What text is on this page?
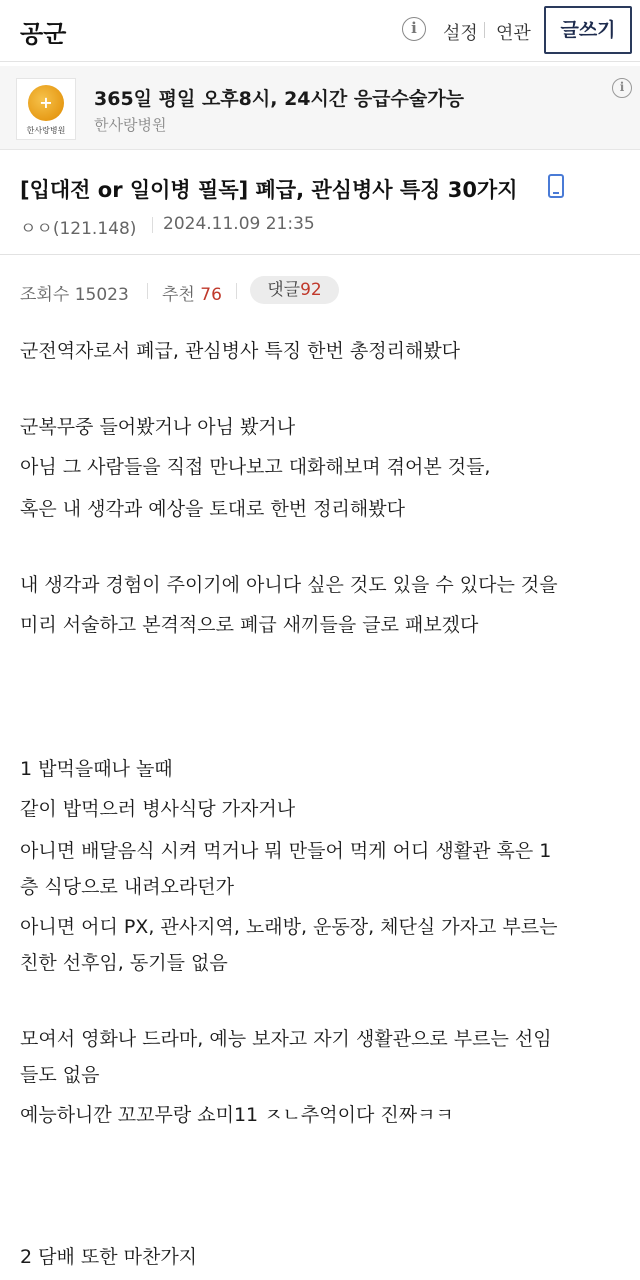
공군	i	설정 연관	글쓰기
+
한사랑병원
365일 평일 오후8시, 24시간 응급수술가능
한사랑병원
i
[입대전 or 일이병 필독] 폐급, 관심병사 특징 30가지
ㅇㅇ(121.148) 2024.11.09 21:35
조회수 15023 추천 76	댓글92
군전역자로서 폐급, 관심병사 특징 한번 총정리해봤다
군복무중 들어봤거나 아님 봤거나
아님 그 사람들을 직접 만나보고 대화해보며 겪어본 것들,
혹은 내 생각과 예상을 토대로 한번 정리해봤다
내 생각과 경험이 주이기에 아니다 싶은 것도 있을 수 있다는 것을
미리 서술하고 본격적으로 폐급 새끼들을 글로 패보겠다
1 밥먹을때나 놀때
같이 밥먹으러 병사식당 가자거나
아니면 배달음식 시켜 먹거나 뭐 만들어 먹게 어디 생활관 혹은 1
층 식당으로 내려오라던가
아니면 어디 PX, 관사지역, 노래방, 운동장, 체단실 가자고 부르는
친한 선후임, 동기들 없음
모여서 영화나 드라마, 예능 보자고 자기 생활관으로 부르는 선임
들도 없음
예능하니깐 꼬꼬무랑 쇼미11 ㅈㄴ추억이다 진짜ㅋㅋ
2 담배 또한 마찬가지
